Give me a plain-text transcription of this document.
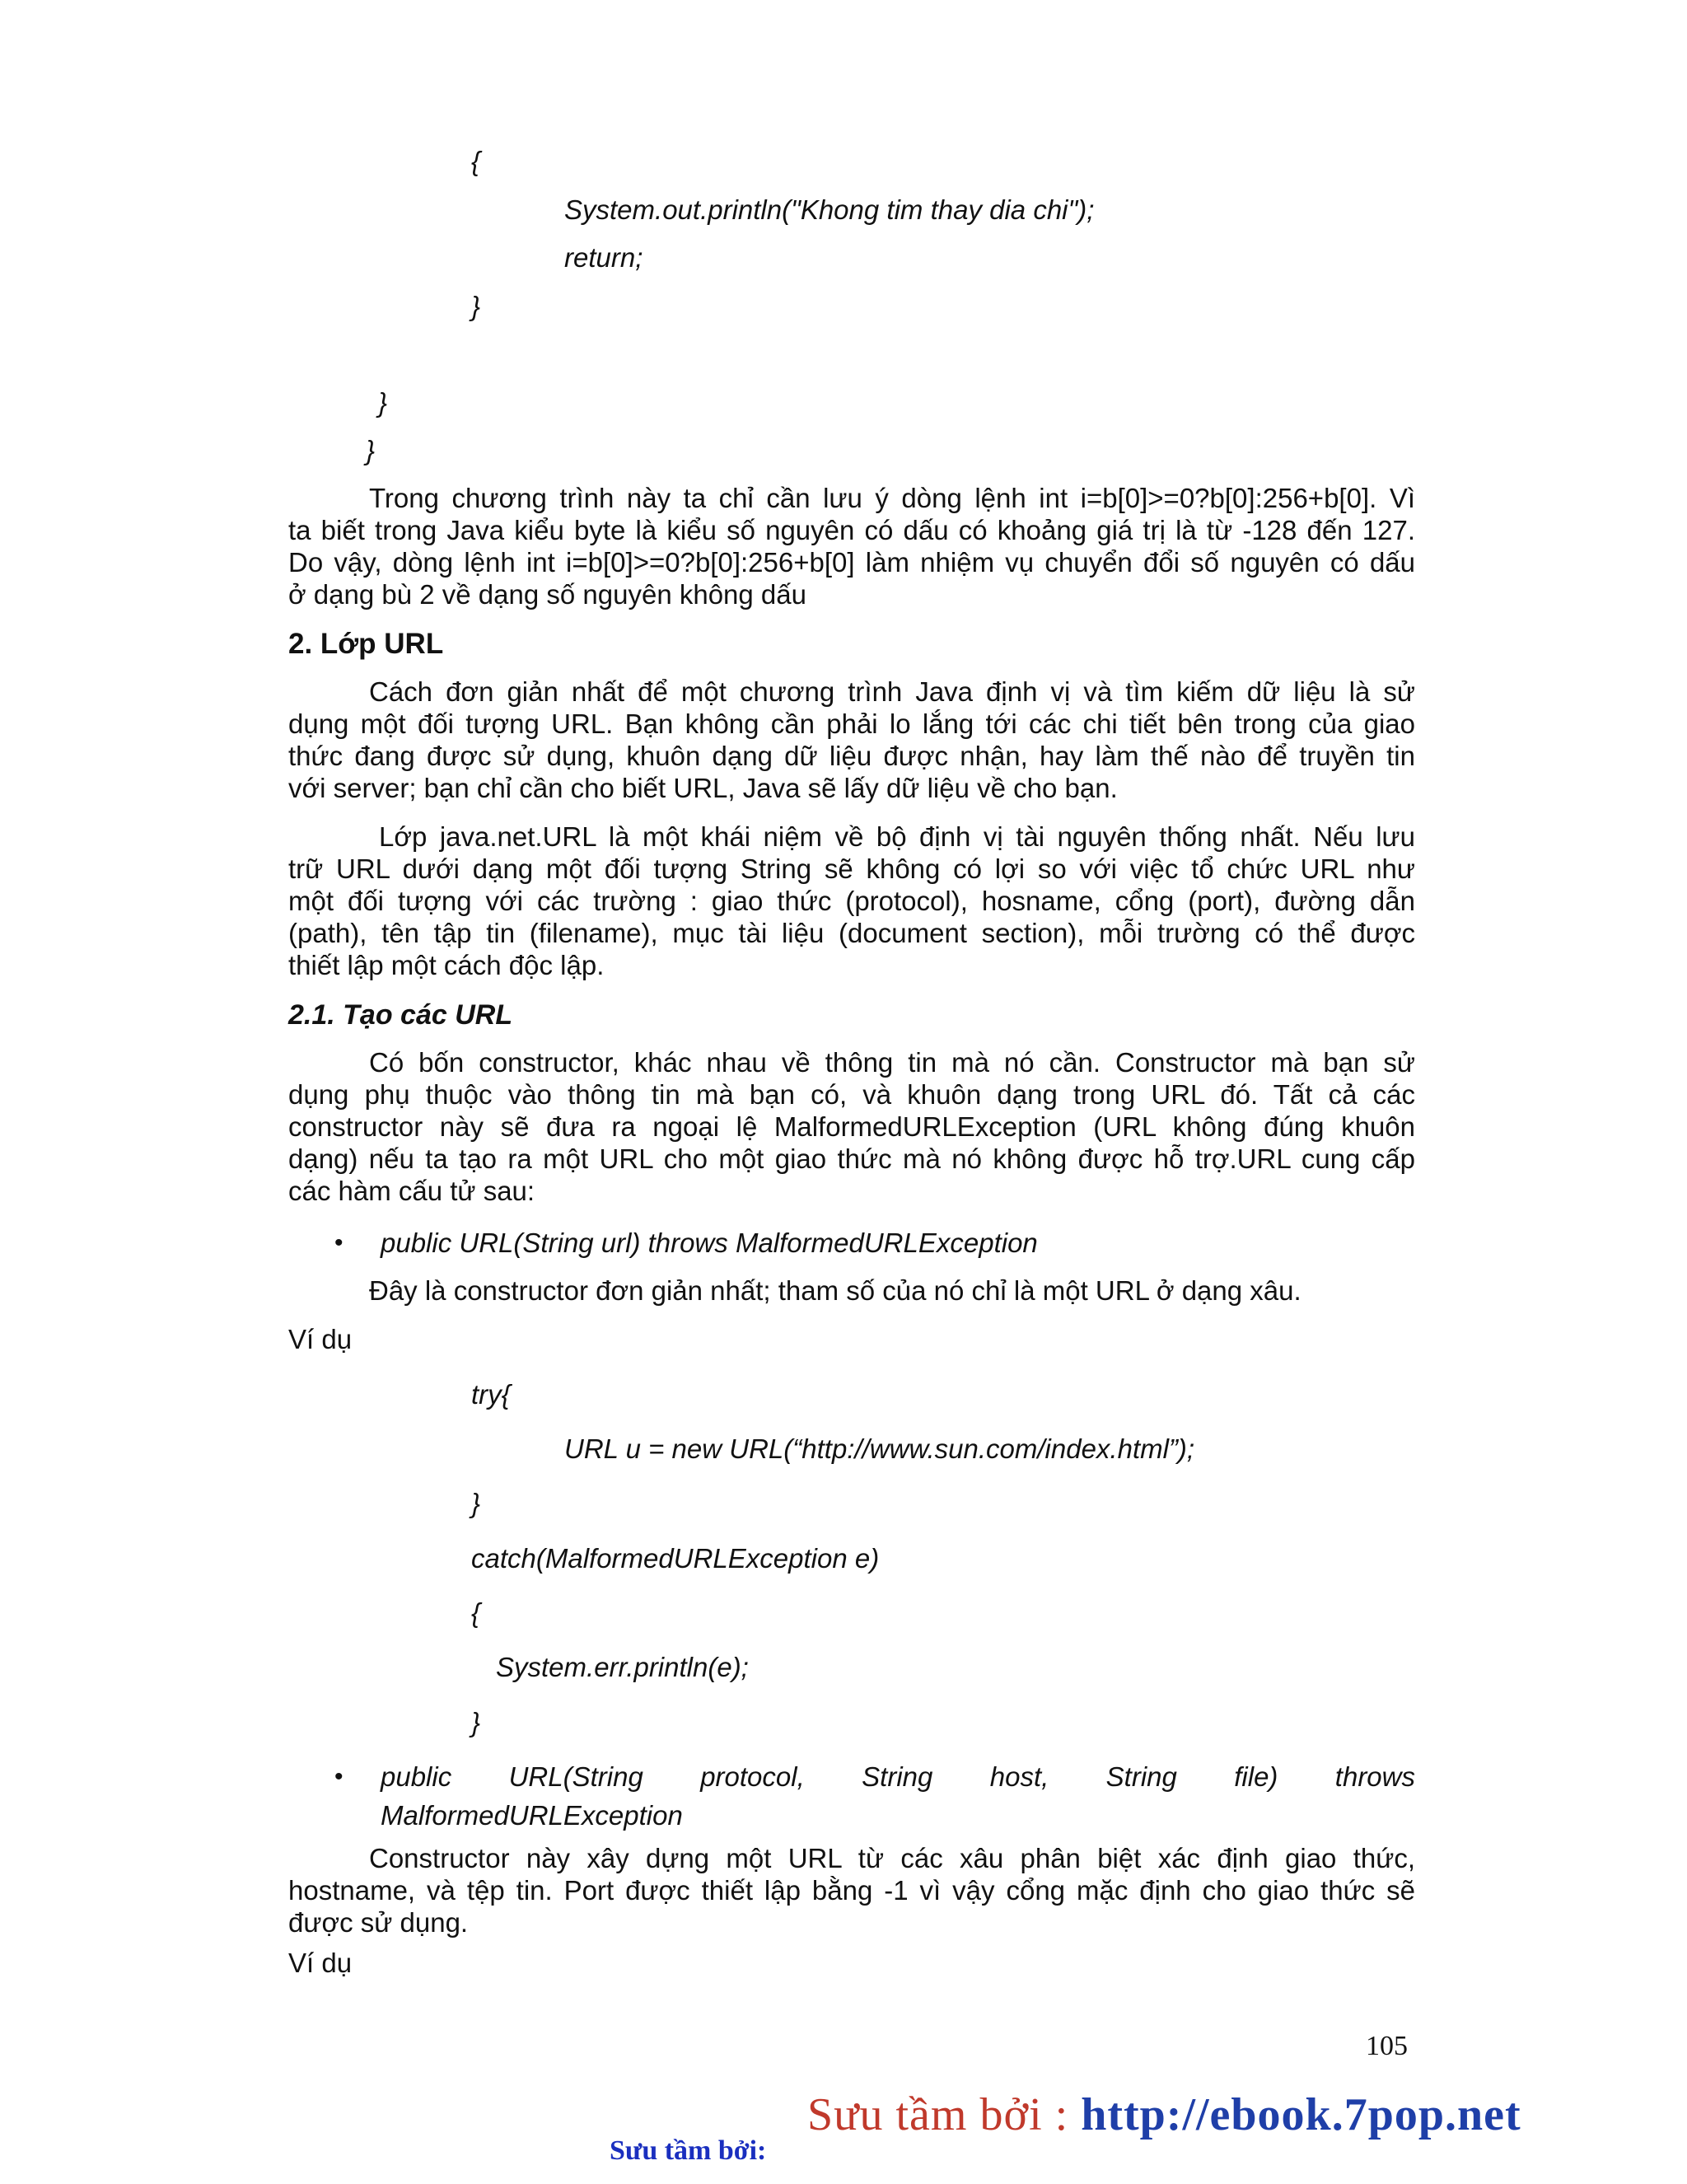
{
System.out.println("Khong tim thay dia chi");
return;
}
}
}
Trong chương trình này ta chỉ cần lưu ý dòng lệnh int i=b[0]>=0?b[0]:256+b[0]. Vì
ta biết trong Java kiểu byte là kiểu số nguyên có dấu có khoảng giá trị là từ -128 đến 127.
Do vậy, dòng lệnh int i=b[0]>=0?b[0]:256+b[0] làm nhiệm vụ chuyển đổi số nguyên có dấu
ở dạng bù 2 về dạng số nguyên không dấu
2. Lớp URL
Cách đơn giản nhất để một chương trình Java định vị và tìm kiếm dữ liệu là sử
dụng một đối tượng URL. Bạn không cần phải lo lắng tới các chi tiết bên trong của giao
thức đang được sử dụng, khuôn dạng dữ liệu được nhận, hay làm thế nào để truyền tin
với server; bạn chỉ cần cho biết URL, Java sẽ lấy dữ liệu về cho bạn.
Lớp java.net.URL là một khái niệm về bộ định vị tài nguyên thống nhất. Nếu lưu
trữ URL dưới dạng một đối tượng String sẽ không có lợi so với việc tổ chức URL như
một đối tượng với các trường : giao thức (protocol), hosname, cổng (port), đường dẫn
(path), tên tập tin (filename), mục tài liệu (document section), mỗi trường có thể được
thiết lập một cách độc lập.
2.1. Tạo các URL
Có bốn constructor, khác nhau về thông tin mà nó cần. Constructor mà bạn sử
dụng phụ thuộc vào thông tin mà bạn có, và khuôn dạng trong URL đó. Tất cả các
constructor này sẽ đưa ra ngoại lệ MalformedURLException (URL không đúng khuôn
dạng) nếu ta tạo ra một URL cho một giao thức mà nó không được hỗ trợ.URL cung cấp
các hàm cấu tử sau:
• public URL(String url) throws MalformedURLException
Đây là constructor đơn giản nhất; tham số của nó chỉ là một URL ở dạng xâu.
Ví dụ
try{
URL u = new URL(“http://www.sun.com/index.html”);
}
catch(MalformedURLException e)
{
System.err.println(e);
}
• public URL(String protocol, String host, String file) throws
MalformedURLException
Constructor này xây dựng một URL từ các xâu phân biệt xác định giao thức,
hostname, và tệp tin. Port được thiết lập bằng -1 vì vậy cổng mặc định cho giao thức sẽ
được sử dụng.
Ví dụ
105
Sưu tầm bởi:
Sưu tầm bởi : http://ebook.7pop.net
